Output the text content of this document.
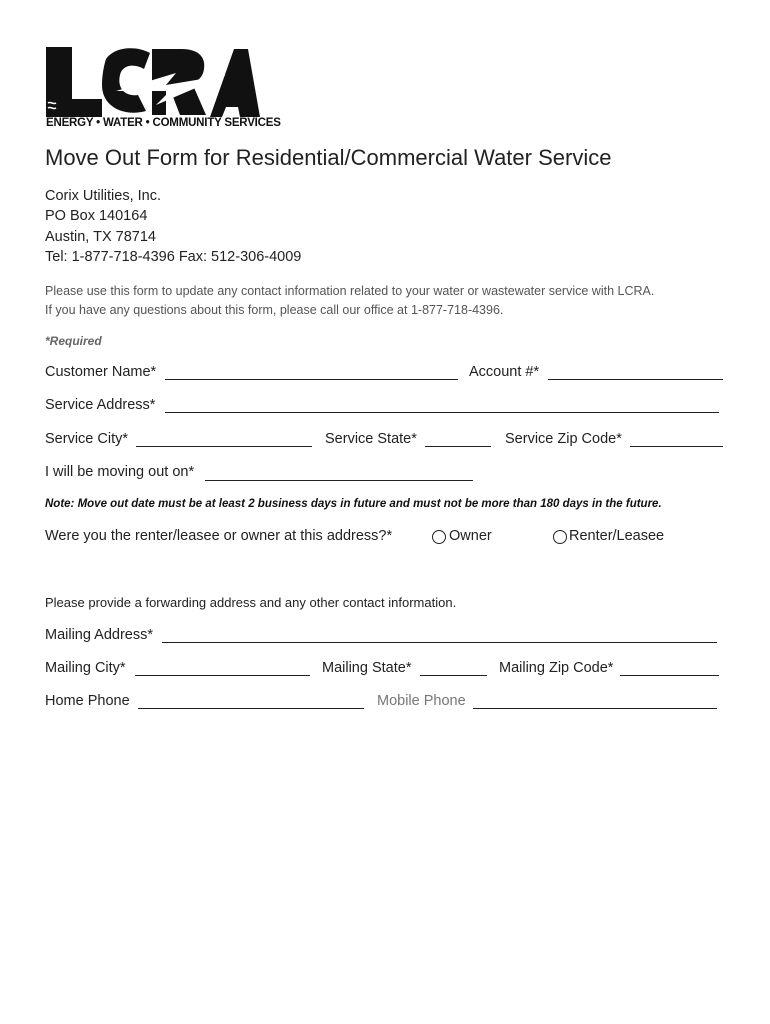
ENERGY • WATER • COMMUNITY SERVICES
Move Out Form for Residential/Commercial Water Service
Corix Utilities, Inc.
PO Box 140164
Austin, TX 78714
Tel: 1-877-718-4396 Fax: 512-306-4009
Please use this form to update any contact information related to your water or wastewater service with LCRA.
If you have any questions about this form, please call our office at 1-877-718-4396.
*Required
Customer Name*	Account #*
Service Address*
Service City*	Service State*	Service Zip Code*
I will be moving out on*
Note: Move out date must be at least 2 business days in future and must not be more than 180 days in the future.
Were you the renter/leasee or owner at this address?*	Owner	Renter/Leasee
Please provide a forwarding address and any other contact information.
Mailing Address*
Mailing City*	Mailing State*	Mailing Zip Code*
Home Phone	Mobile Phone
